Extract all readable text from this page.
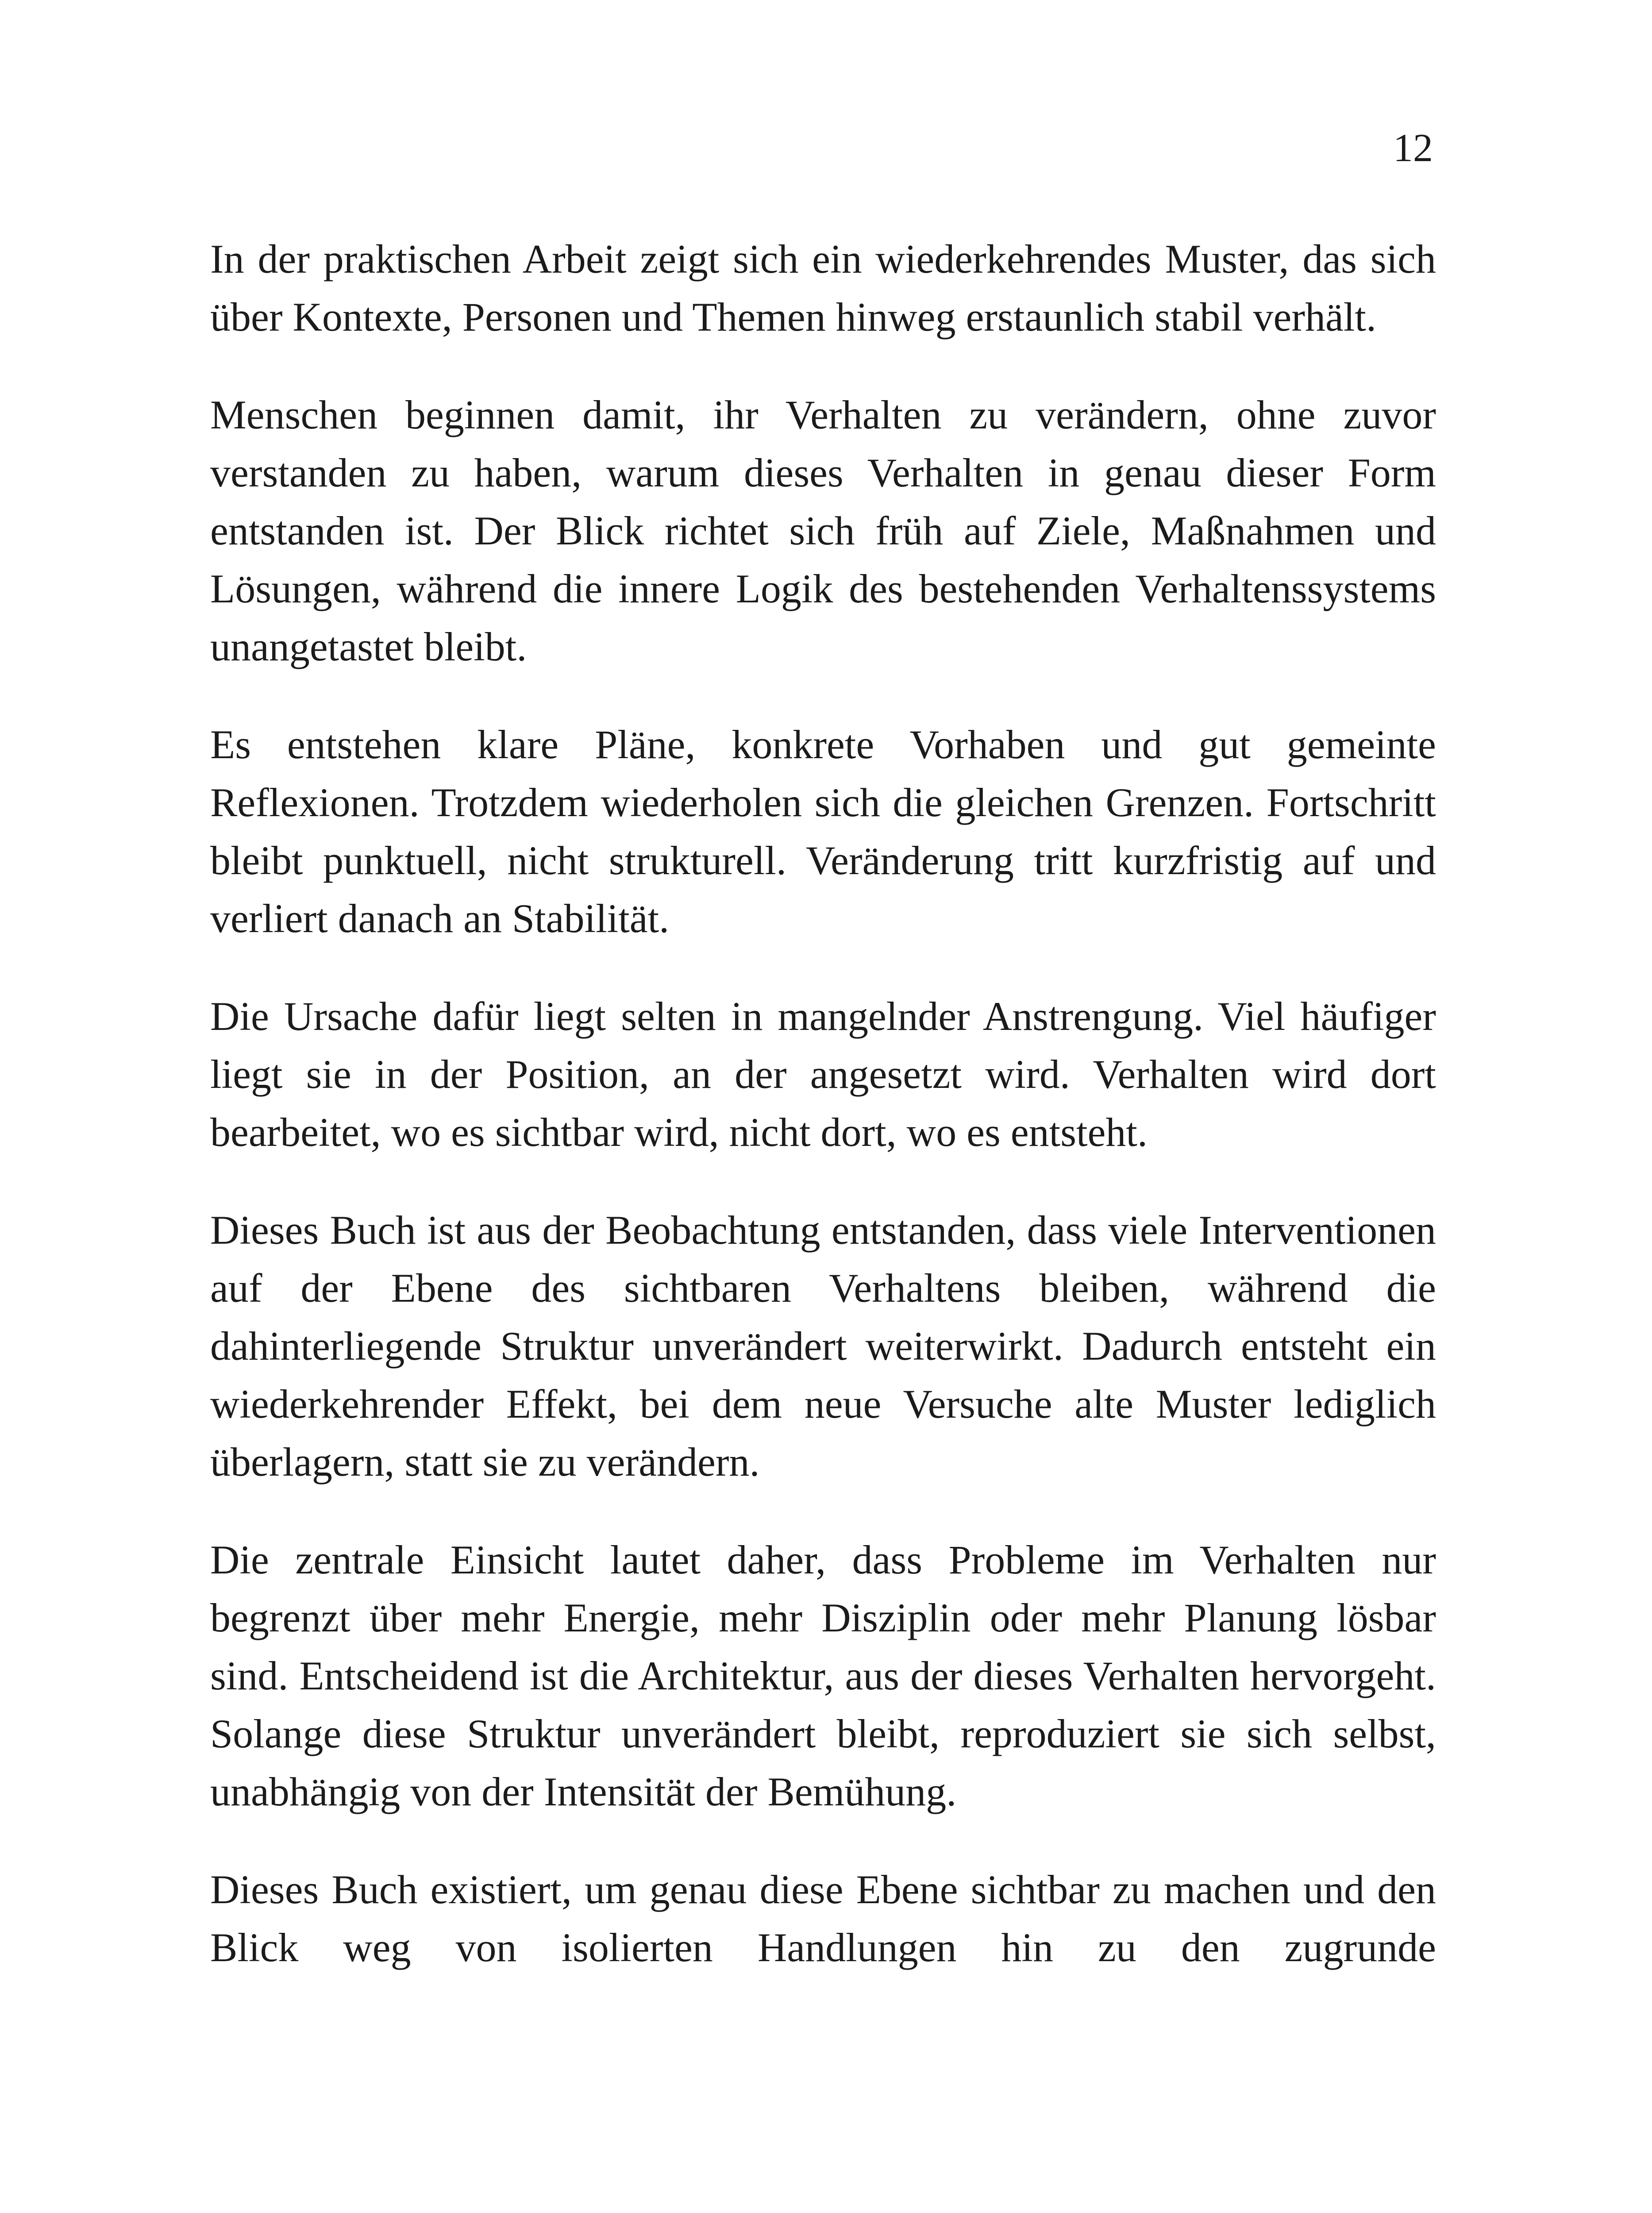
12

In der praktischen Arbeit zeigt sich ein wiederkehrendes Muster, das sich über Kontexte, Personen und Themen hinweg erstaunlich stabil verhält.

Menschen beginnen damit, ihr Verhalten zu verändern, ohne zuvor verstanden zu haben, warum dieses Verhalten in genau dieser Form entstanden ist. Der Blick richtet sich früh auf Ziele, Maßnahmen und Lösungen, während die innere Logik des bestehenden Verhaltenssystems unangetastet bleibt.

Es entstehen klare Pläne, konkrete Vorhaben und gut gemeinte Reflexionen. Trotzdem wiederholen sich die gleichen Grenzen. Fortschritt bleibt punktuell, nicht strukturell. Veränderung tritt kurzfristig auf und verliert danach an Stabilität.

Die Ursache dafür liegt selten in mangelnder Anstrengung. Viel häufiger liegt sie in der Position, an der angesetzt wird. Verhalten wird dort bearbeitet, wo es sichtbar wird, nicht dort, wo es entsteht.

Dieses Buch ist aus der Beobachtung entstanden, dass viele Interventionen auf der Ebene des sichtbaren Verhaltens bleiben, während die dahinterliegende Struktur unverändert weiterwirkt. Dadurch entsteht ein wiederkehrender Effekt, bei dem neue Versuche alte Muster lediglich überlagern, statt sie zu verändern.

Die zentrale Einsicht lautet daher, dass Probleme im Verhalten nur begrenzt über mehr Energie, mehr Disziplin oder mehr Planung lösbar sind. Entscheidend ist die Architektur, aus der dieses Verhalten hervorgeht. Solange diese Struktur unverändert bleibt, reproduziert sie sich selbst, unabhängig von der Intensität der Bemühung.

Dieses Buch existiert, um genau diese Ebene sichtbar zu machen und den Blick weg von isolierten Handlungen hin zu den zugrunde
